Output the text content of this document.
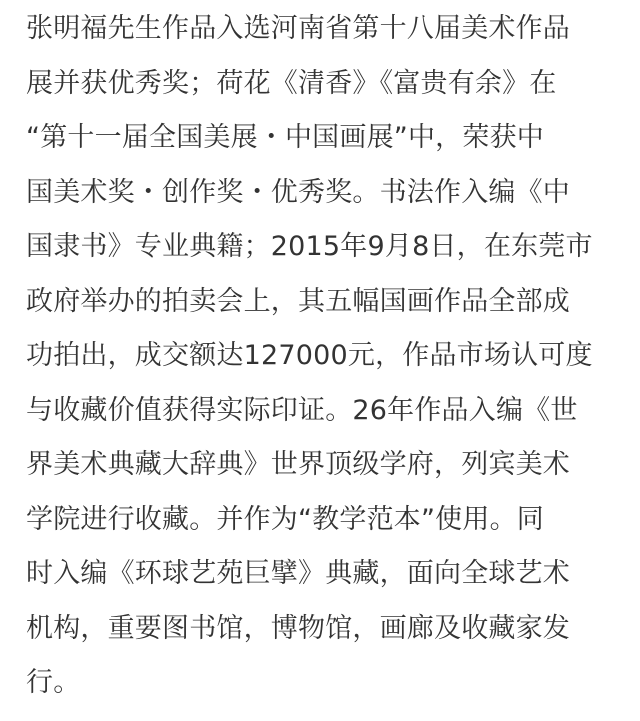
张明福先生作品入选河南省第十八届美术作品
展并获优秀奖；荷花《清香》《富贵有余》在
“第十一届全国美展・中国画展”中，荣获中
国美术奖・创作奖・优秀奖。书法作入编《中
国隶书》专业典籍；2015年9月8日，在东莞市
政府举办的拍卖会上，其五幅国画作品全部成
功拍出，成交额达127000元，作品市场认可度
与收藏价值获得实际印证。26年作品入编《世
界美术典藏大辞典》世界顶级学府，列宾美术
学院进行收藏。并作为“教学范本”使用。同
时入编《环球艺苑巨擘》典藏，面向全球艺术
机构，重要图书馆，博物馆，画廊及收藏家发
行。
